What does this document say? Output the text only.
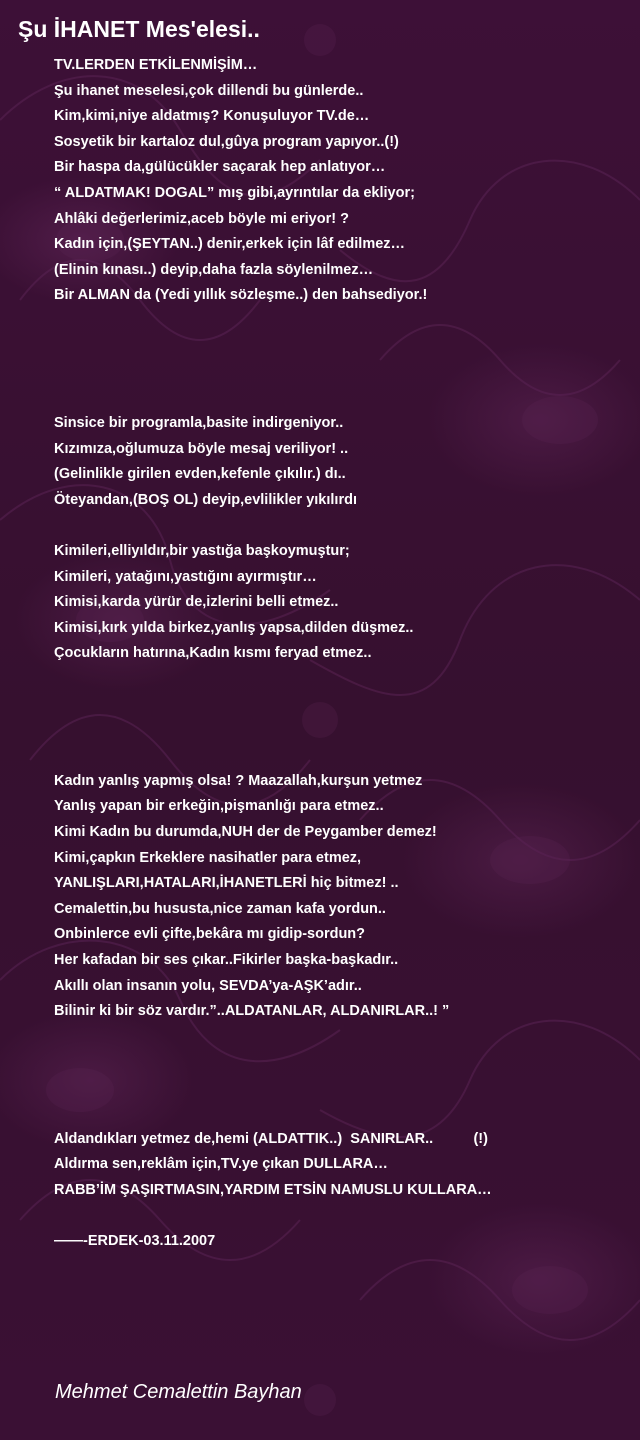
Şu İHANET Mes'elesi..
TV.LERDEN ETKİLENMİŞİM…
Şu ihanet meselesi,çok dillendi bu günlerde..
Kim,kimi,niye aldatmış? Konuşuluyor TV.de…
Sosyetik bir kartaloz dul,gûya program yapıyor..(!)
Bir haspa da,gülücükler saçarak hep anlatıyor…
“ ALDATMAK! DOGAL” mış gibi,ayrıntılar da ekliyor;
Ahlâki değerlerimiz,aceb böyle mi eriyor! ?
Kadın için,(ŞEYTAN..) denir,erkek için lâf edilmez…
(Elinin kınası..) deyip,daha fazla söylenilmez…
Bir ALMAN da (Yedi yıllık sözleşme..) den bahsediyor.!
Sinsice bir programla,basite indirgeniyor..
Kızımıza,oğlumuza böyle mesaj veriliyor! ..
(Gelinlikle girilen evden,kefenle çıkılır.) dı..
Öteyandan,(BOŞ OL) deyip,evlilikler yıkılırdı
Kimileri,elliyıldır,bir yastığa başkoymuştur;
Kimileri, yatağını,yastığını ayırmıştır…
Kimisi,karda yürür de,izlerini belli etmez..
Kimisi,kırk yılda birkez,yanlış yapsa,dilden düşmez..
Çocukların hatırına,Kadın kısmı feryad etmez..
Kadın yanlış yapmış olsa! ? Maazallah,kurşun yetmez
Yanlış yapan bir erkeğin,pişmanlığı para etmez..
Kimi Kadın bu durumda,NUH der de Peygamber demez!
Kimi,çapkın Erkeklere nasihatler para etmez,
YANLIŞLARI,HATALARI,İHANETLERİ hiç bitmez! ..
Cemalettin,bu hususta,nice zaman kafa yordun..
Onbinlerce evli çifte,bekâra mı gidip-sordun?
Her kafadan bir ses çıkar..Fikirler başka-başkadır..
Akıllı olan insanın yolu, SEVDA’ya-AŞK’adır..
Bilinir ki bir söz vardır.”..ALDATANLAR, ALDANIRLAR..! ”
Aldandıkları yetmez de,hemi (ALDATTIK..)  SANIRLAR..          (!)
Aldırma sen,reklâm için,TV.ye çıkan DULLARA…
RABB’İM ŞAŞIRTMASIN,YARDIM ETSİN NAMUSLU KULLARA…
——-ERDEK-03.11.2007
Mehmet Cemalettin Bayhan
